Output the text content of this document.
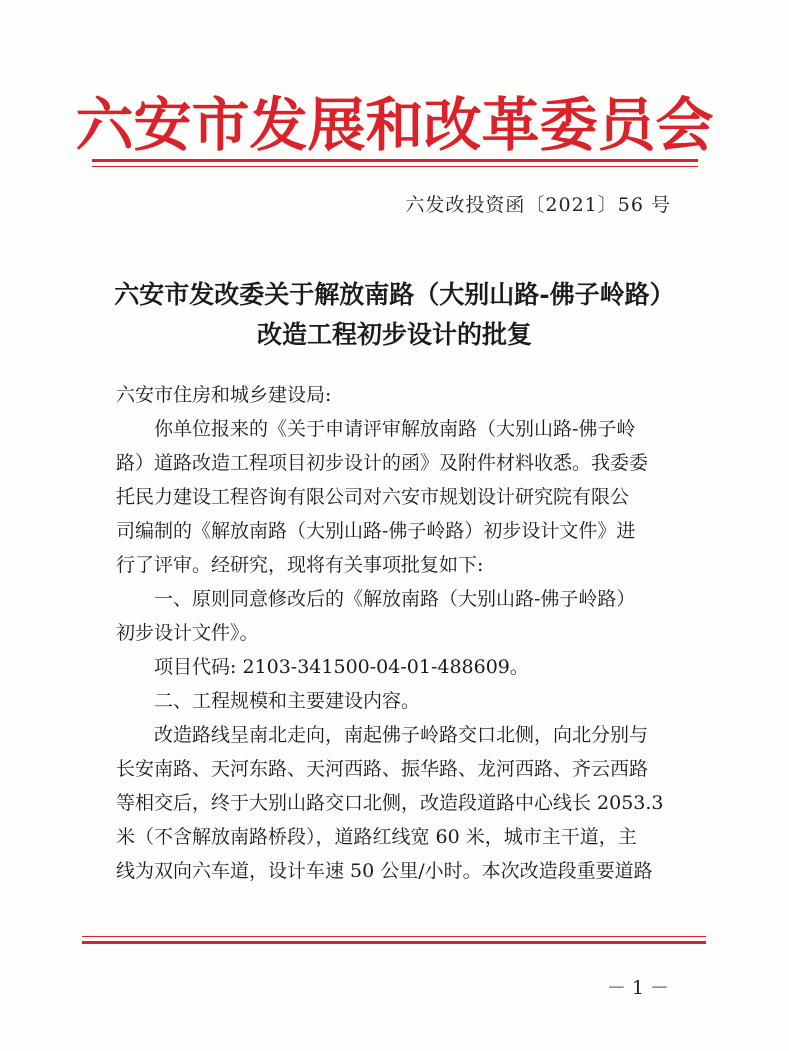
六安市发展和改革委员会
六发改投资函〔2021〕56 号
六安市发改委关于解放南路（大别山路-佛子岭路）
改造工程初步设计的批复
六安市住房和城乡建设局:
你单位报来的《关于申请评审解放南路（大别山路-佛子岭
路）道路改造工程项目初步设计的函》及附件材料收悉。我委委
托民力建设工程咨询有限公司对六安市规划设计研究院有限公
司编制的《解放南路（大别山路-佛子岭路）初步设计文件》进
行了评审。经研究，现将有关事项批复如下:
一、原则同意修改后的《解放南路（大别山路-佛子岭路）
初步设计文件》。
项目代码: 2103-341500-04-01-488609。
二、工程规模和主要建设内容。
改造路线呈南北走向，南起佛子岭路交口北侧，向北分别与
长安南路、天河东路、天河西路、振华路、龙河西路、齐云西路
等相交后，终于大别山路交口北侧，改造段道路中心线长 2053.3
米（不含解放南路桥段），道路红线宽 60 米，城市主干道，主
线为双向六车道，设计车速 50 公里/小时。本次改造段重要道路
－ 1 －
